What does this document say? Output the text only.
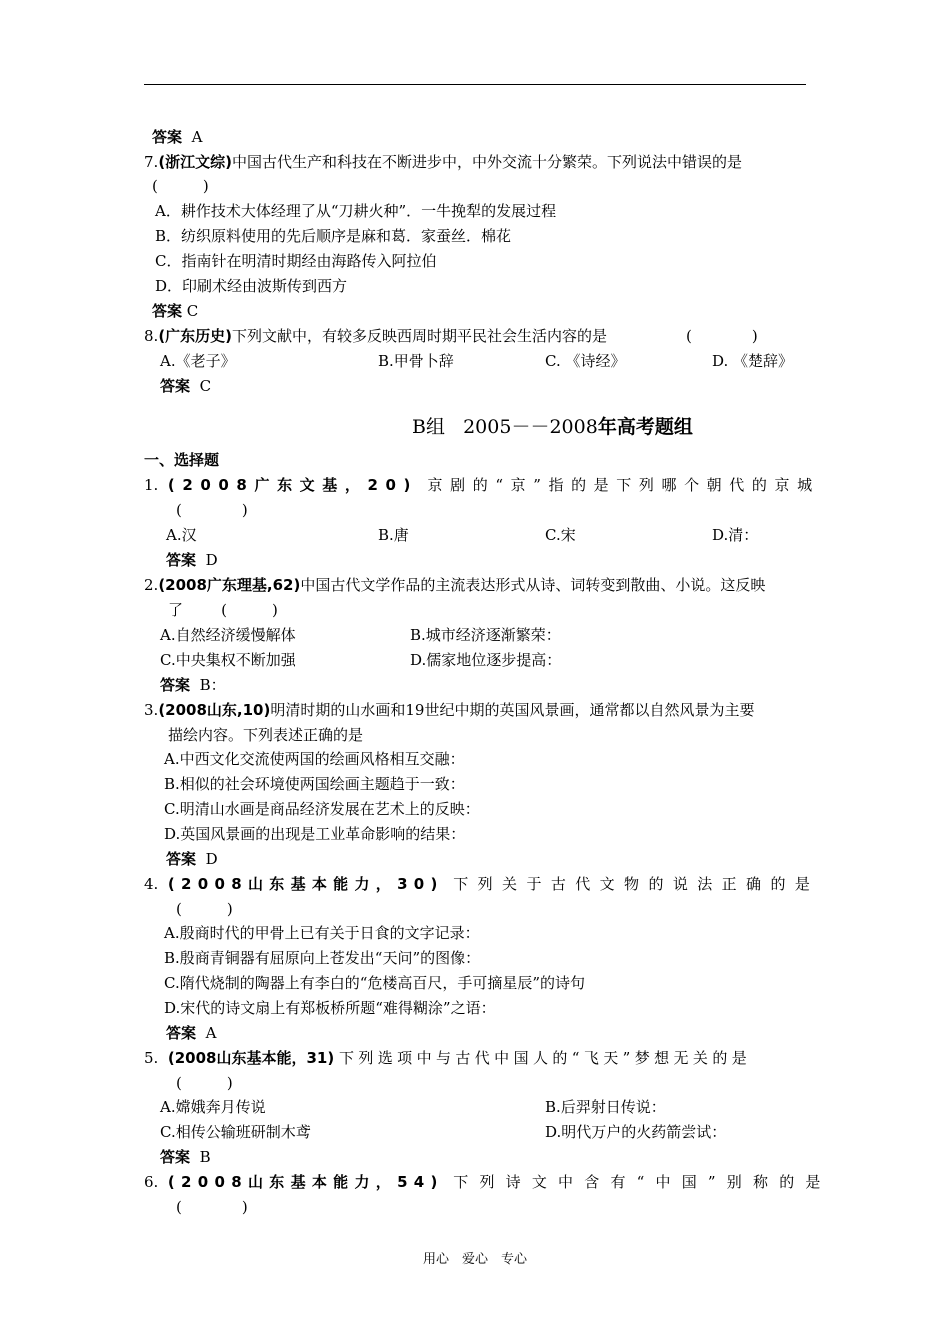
答案 A
7.(浙江文综)中国古代生产和科技在不断进步中，中外交流十分繁荣。下列说法中错误的是
(　　　)
A．耕作技术大体经理了从“刀耕火种”．一牛挽犁的发展过程
B．纺织原料使用的先后顺序是麻和葛．家蚕丝．棉花
C．指南针在明清时期经由海路传入阿拉伯
D．印刷术经由波斯传到西方
答案 C
8.(广东历史)下列文献中，有较多反映西周时期平民社会生活内容的是	(　　　　)
A.《老子》	B.甲骨卜辞	C. 《诗经》	D. 《楚辞》
答案 C
B组 2005－－2008年高考题组
一、选择题
1. (2008广东文基，20) 京剧的“京”指的是下列哪个朝代的京城
(　　　　)
A.汉	B.唐	C.宋	D.清：
答案 D
2.(2008广东理基,62)中国古代文学作品的主流表达形式从诗、词转变到散曲、小说。这反映
了	(　　　)
A.自然经济缓慢解体	B.城市经济逐渐繁荣：
C.中央集权不断加强	D.儒家地位逐步提高：
答案 B：
3.(2008山东,10)明清时期的山水画和19世纪中期的英国风景画，通常都以自然风景为主要
描绘内容。下列表述正确的是
A.中西文化交流使两国的绘画风格相互交融：
B.相似的社会环境使两国绘画主题趋于一致：
C.明清山水画是商品经济发展在艺术上的反映：
D.英国风景画的出现是工业革命影响的结果：
答案 D
4. (2008山东基本能力，30) 下列关于古代文物的说法正确的是
(　　　)
A.殷商时代的甲骨上已有关于日食的文字记录：
B.殷商青铜器有屈原向上苍发出“天问”的图像：
C.隋代烧制的陶器上有李白的“危楼高百尺，手可摘星辰”的诗句
D.宋代的诗文扇上有郑板桥所题“难得糊涂”之语：
答案 A
5. (2008山东基本能，31) 下列选项中与古代中国人的“飞天”梦想无关的是
(　　　)
A.嫦娥奔月传说	B.后羿射日传说：
C.相传公输班研制木鸢	D.明代万户的火药箭尝试：
答案 B
6. (2008山东基本能力，54) 下列诗文中含有“中国”别称的是
(　　　　)
用心　爱心　专心
